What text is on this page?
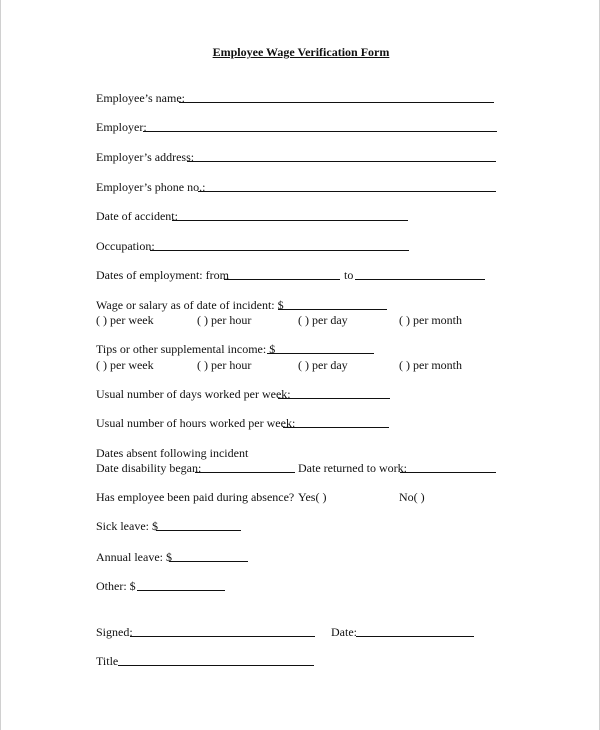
Employee Wage Verification Form
Employee’s name:
Employer:
Employer’s address:
Employer’s phone no.:
Date of accident:
Occupation:
Dates of employment: from	to
Wage or salary as of date of incident: $
( ) per week	( ) per hour	( ) per day	( ) per month
Tips or other supplemental income: $
( ) per week	( ) per hour	( ) per day	( ) per month
Usual number of days worked per week:
Usual number of hours worked per week:
Dates absent following incident
Date disability began:	Date returned to work:
Has employee been paid during absence? Yes( )	No( )
Sick leave: $
Annual leave: $
Other: $
Signed:	Date:
Title
